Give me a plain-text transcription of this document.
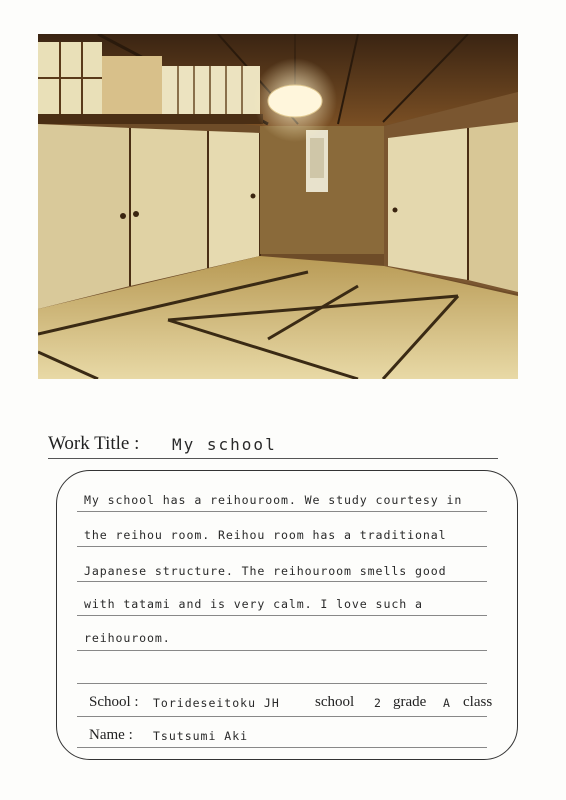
Work Title : My school
My school has a reihouroom. We study courtesy in
the reihou room. Reihou room has a traditional
Japanese structure. The reihouroom smells good
with tatami and is very calm. I love such a
reihouroom.
School : Torideseitoku JH school 2 grade A class
Name : Tsutsumi Aki
